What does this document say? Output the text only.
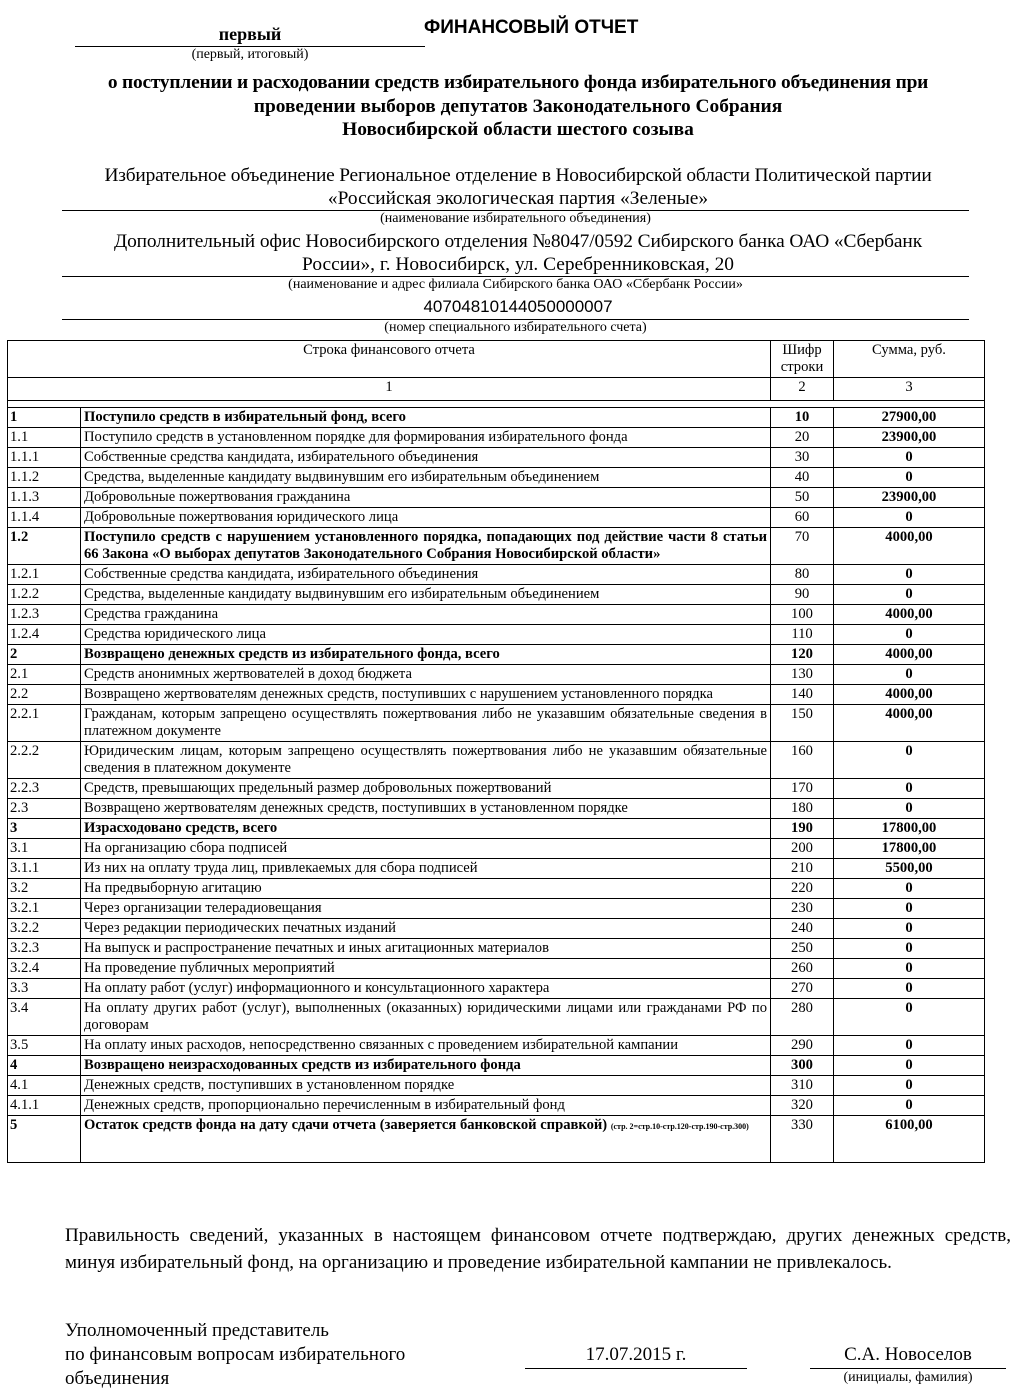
первый
(первый, итоговый)
ФИНАНСОВЫЙ ОТЧЕТ
о поступлении и расходовании средств избирательного фонда избирательного объединения при
проведении выборов депутатов Законодательного Собрания
Новосибирской области шестого созыва
Избирательное объединение Региональное отделение в Новосибирской области Политической партии
«Российская экологическая партия «Зеленые»
(наименование избирательного объединения)
Дополнительный офис Новосибирского отделения №8047/0592 Сибирского банка ОАО «Сбербанк
России», г. Новосибирск, ул. Серебренниковская, 20
(наименование и адрес филиала Сибирского банка ОАО «Сбербанк России»
40704810144050000007
(номер специального избирательного счета)
Строка финансового отчета		Шифр строки	Сумма, руб.
1		2	3

1	Поступило средств в избирательный фонд, всего	10	27900,00
1.1	Поступило средств в установленном порядке для формирования избирательного фонда	20	23900,00
1.1.1	Собственные средства кандидата, избирательного объединения	30	0
1.1.2	Средства, выделенные кандидату выдвинувшим его избирательным объединением	40	0
1.1.3	Добровольные пожертвования гражданина	50	23900,00
1.1.4	Добровольные пожертвования юридического лица	60	0
1.2	Поступило средств с нарушением установленного порядка, попадающих под действие части 8 статьи 66 Закона «О выборах депутатов Законодательного Собрания Новосибирской области»	70	4000,00
1.2.1	Собственные средства кандидата, избирательного объединения	80	0
1.2.2	Средства, выделенные кандидату выдвинувшим его избирательным объединением	90	0
1.2.3	Средства гражданина	100	4000,00
1.2.4	Средства юридического лица	110	0
2	Возвращено денежных средств из избирательного фонда, всего	120	4000,00
2.1	Средств анонимных жертвователей в доход бюджета	130	0
2.2	Возвращено жертвователям денежных средств, поступивших с нарушением установленного порядка	140	4000,00
2.2.1	Гражданам, которым запрещено осуществлять пожертвования либо не указавшим обязательные сведения в платежном документе	150	4000,00
2.2.2	Юридическим лицам, которым запрещено осуществлять пожертвования либо не указавшим обязательные сведения в платежном документе	160	0
2.2.3	Средств, превышающих предельный размер добровольных пожертвований	170	0
2.3	Возвращено жертвователям денежных средств, поступивших в установленном порядке	180	0
3	Израсходовано средств, всего	190	17800,00
3.1	На организацию сбора подписей	200	17800,00
3.1.1	Из них на оплату труда лиц, привлекаемых для сбора подписей	210	5500,00
3.2	На предвыборную агитацию	220	0
3.2.1	Через организации телерадиовещания	230	0
3.2.2	Через редакции периодических печатных изданий	240	0
3.2.3	На выпуск и распространение печатных и иных агитационных материалов	250	0
3.2.4	На проведение публичных мероприятий	260	0
3.3	На оплату работ (услуг) информационного и консультационного характера	270	0
3.4	На оплату других работ (услуг), выполненных (оказанных) юридическими лицами или гражданами РФ по договорам	280	0
3.5	На оплату иных расходов, непосредственно связанных с проведением избирательной кампании	290	0
4	Возвращено неизрасходованных средств из избирательного фонда	300	0
4.1	Денежных средств, поступивших в установленном порядке	310	0
4.1.1	Денежных средств, пропорционально перечисленным в избирательный фонд	320	0
5	Остаток средств фонда на дату сдачи отчета (заверяется банковской справкой) (стр. 2=стр.10-стр.120-стр.190-стр.300)	330	6100,00
Правильность сведений, указанных в настоящем финансовом отчете подтверждаю, других денежных средств, минуя избирательный фонд, на организацию и проведение избирательной кампании не привлекалось.
Уполномоченный представитель
по финансовым вопросам избирательного
объединения
17.07.2015 г.	С.А. Новоселов
(инициалы, фамилия)
